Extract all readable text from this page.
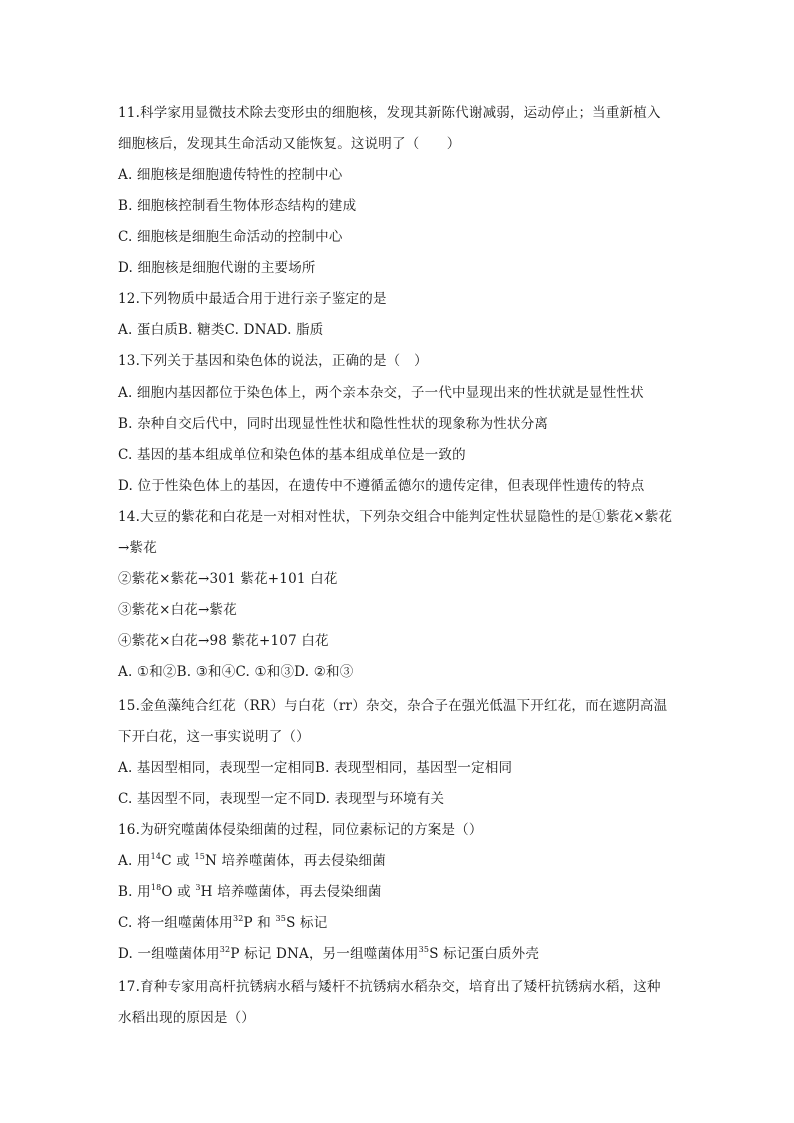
11.科学家用显微技术除去变形虫的细胞核，发现其新陈代谢减弱，运动停止；当重新植入
细胞核后，发现其生命活动又能恢复。这说明了（　　）
A. 细胞核是细胞遗传特性的控制中心
B. 细胞核控制看生物体形态结构的建成
C. 细胞核是细胞生命活动的控制中心
D. 细胞核是细胞代谢的主要场所
12.下列物质中最适合用于进行亲子鉴定的是
A. 蛋白质B. 糖类C. DNAD. 脂质
13.下列关于基因和染色体的说法，正确的是（　）
A. 细胞内基因都位于染色体上，两个亲本杂交，子一代中显现出来的性状就是显性性状
B. 杂种自交后代中，同时出现显性性状和隐性性状的现象称为性状分离
C. 基因的基本组成单位和染色体的基本组成单位是一致的
D. 位于性染色体上的基因，在遗传中不遵循孟德尔的遗传定律，但表现伴性遗传的特点
14.大豆的紫花和白花是一对相对性状，下列杂交组合中能判定性状显隐性的是①紫花×紫花
→紫花
②紫花×紫花→301 紫花+101 白花
③紫花×白花→紫花
④紫花×白花→98 紫花+107 白花
A. ①和②B. ③和④C. ①和③D. ②和③
15.金鱼藻纯合红花（RR）与白花（rr）杂交，杂合子在强光低温下开红花，而在遮阴高温
下开白花，这一事实说明了（）
A. 基因型相同，表现型一定相同B. 表现型相同，基因型一定相同
C. 基因型不同，表现型一定不同D. 表现型与环境有关
16.为研究噬菌体侵染细菌的过程，同位素标记的方案是（）
A. 用$^{14}$C 或 $^{15}$N 培养噬菌体，再去侵染细菌
B. 用$^{18}$O 或 $^3$H 培养噬菌体，再去侵染细菌
C. 将一组噬菌体用$^{32}$P 和 $^{35}$S 标记
D. 一组噬菌体用$^{32}$P 标记 DNA，另一组噬菌体用$^{35}$S 标记蛋白质外壳
17.育种专家用高杆抗锈病水稻与矮杆不抗锈病水稻杂交，培育出了矮杆抗锈病水稻，这种
水稻出现的原因是（）
